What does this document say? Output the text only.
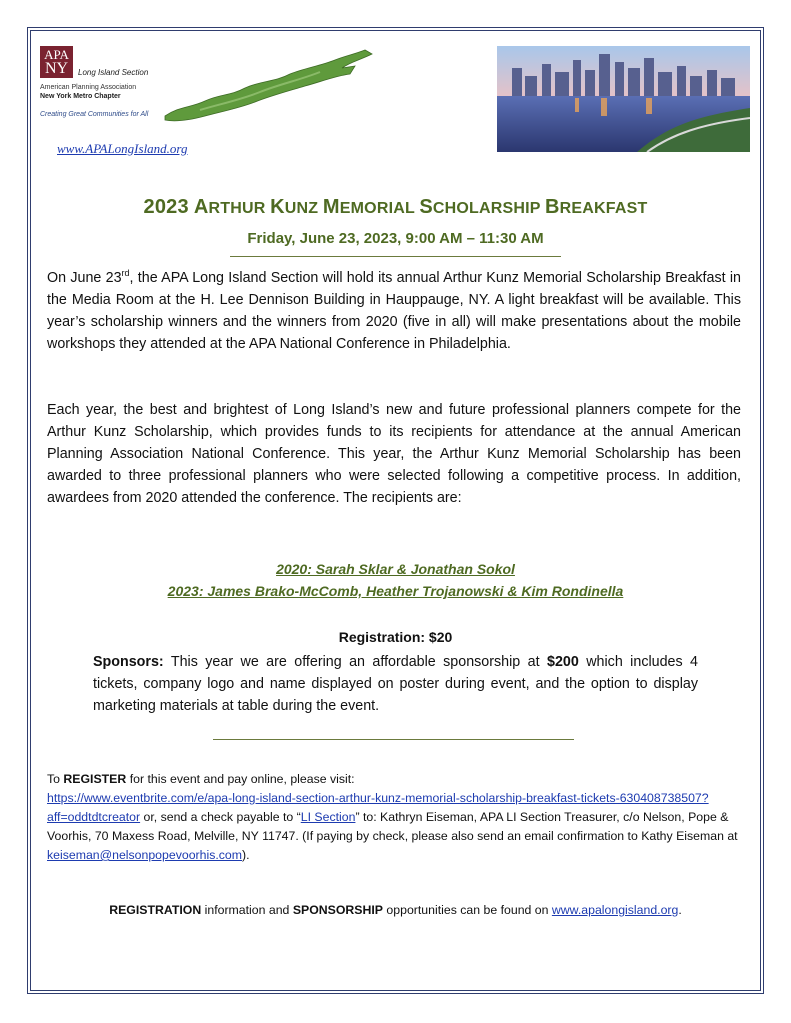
APA
NY	Long Island Section
American Planning Association
New York Metro Chapter
Creating Great Communities for All
www.APALongIsland.org
2023 ARTHUR KUNZ MEMORIAL SCHOLARSHIP BREAKFAST
Friday, June 23, 2023, 9:00 AM – 11:30 AM
On June 23rd, the APA Long Island Section will hold its annual Arthur Kunz Memorial Scholarship Breakfast in the Media Room at the H. Lee Dennison Building in Hauppauge, NY. A light breakfast will be available. This year’s scholarship winners and the winners from 2020 (five in all) will make presentations about the mobile workshops they attended at the APA National Conference in Philadelphia.
Each year, the best and brightest of Long Island’s new and future professional planners compete for the Arthur Kunz Scholarship, which provides funds to its recipients for attendance at the annual American Planning Association National Conference. This year, the Arthur Kunz Memorial Scholarship has been awarded to three professional planners who were selected following a competitive process. In addition, awardees from 2020 attended the conference. The recipients are:
2020: Sarah Sklar & Jonathan Sokol
2023: James Brako-McComb, Heather Trojanowski & Kim Rondinella
Registration: $20
Sponsors: This year we are offering an affordable sponsorship at $200 which includes 4 tickets, company logo and name displayed on poster during event, and the option to display marketing materials at table during the event.
To REGISTER for this event and pay online, please visit:
https://www.eventbrite.com/e/apa-long-island-section-arthur-kunz-memorial-scholarship-breakfast-tickets-630408738507?aff=oddtdtcreator or, send a check payable to “LI Section” to: Kathryn Eiseman, APA LI Section Treasurer, c/o Nelson, Pope & Voorhis, 70 Maxess Road, Melville, NY 11747. (If paying by check, please also send an email confirmation to Kathy Eiseman at keiseman@nelsonpopevoorhis.com).
REGISTRATION information and SPONSORSHIP opportunities can be found on www.apalongisland.org.
